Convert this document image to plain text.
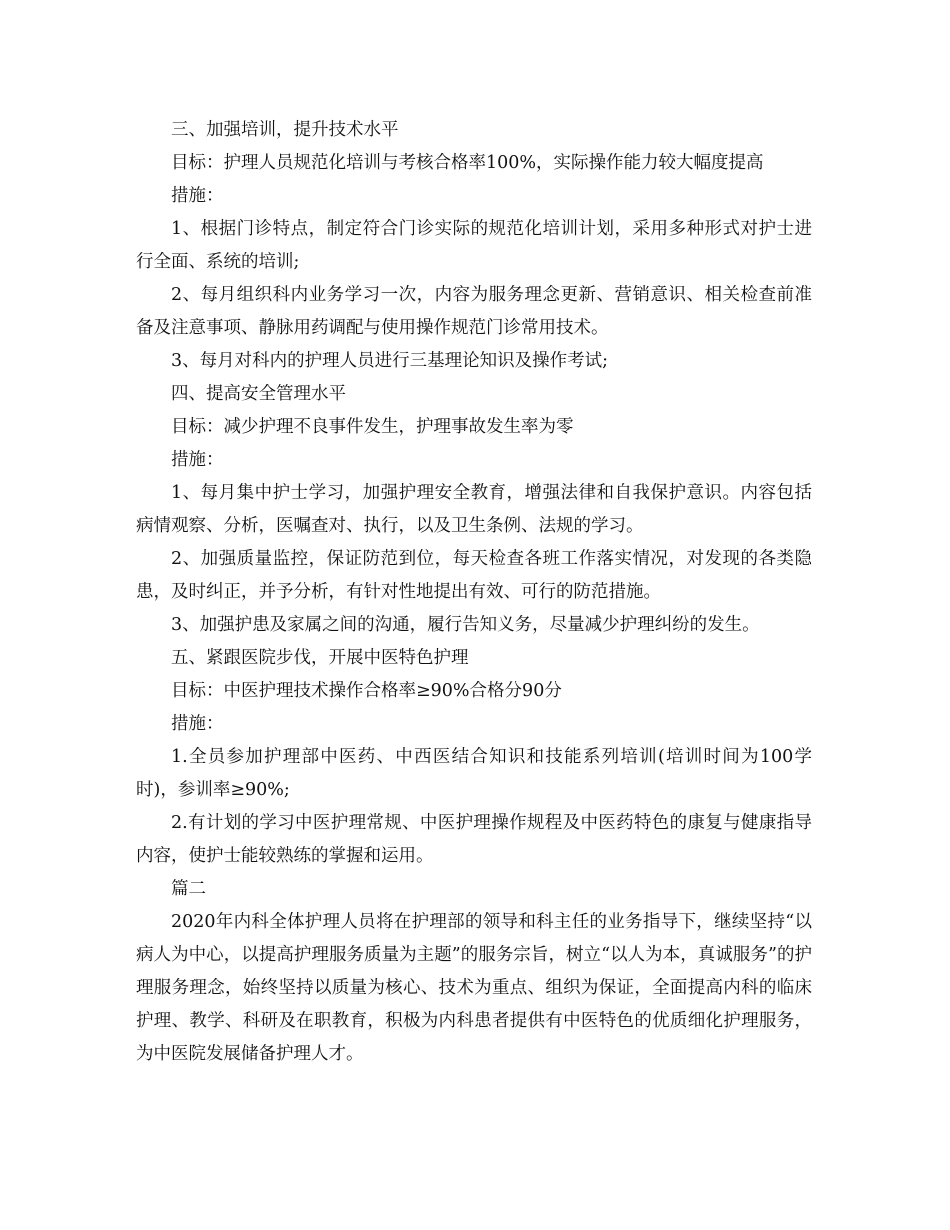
三、加强培训，提升技术水平

目标：护理人员规范化培训与考核合格率100%，实际操作能力较大幅度提高

措施：

1、根据门诊特点，制定符合门诊实际的规范化培训计划，采用多种形式对护士进行全面、系统的培训;

2、每月组织科内业务学习一次，内容为服务理念更新、营销意识、相关检查前准备及注意事项、静脉用药调配与使用操作规范门诊常用技术。

3、每月对科内的护理人员进行三基理论知识及操作考试;

四、提高安全管理水平

目标：减少护理不良事件发生，护理事故发生率为零

措施：

1、每月集中护士学习，加强护理安全教育，增强法律和自我保护意识。内容包括病情观察、分析，医嘱查对、执行，以及卫生条例、法规的学习。

2、加强质量监控，保证防范到位，每天检查各班工作落实情况，对发现的各类隐患，及时纠正，并予分析，有针对性地提出有效、可行的防范措施。

3、加强护患及家属之间的沟通，履行告知义务，尽量减少护理纠纷的发生。

五、紧跟医院步伐，开展中医特色护理

目标：中医护理技术操作合格率≥90%合格分90分

措施：

1.全员参加护理部中医药、中西医结合知识和技能系列培训(培训时间为100学时)，参训率≥90%;

2.有计划的学习中医护理常规、中医护理操作规程及中医药特色的康复与健康指导内容，使护士能较熟练的掌握和运用。

篇二

2020年内科全体护理人员将在护理部的领导和科主任的业务指导下，继续坚持“以病人为中心，以提高护理服务质量为主题”的服务宗旨，树立“以人为本，真诚服务”的护理服务理念，始终坚持以质量为核心、技术为重点、组织为保证，全面提高内科的临床护理、教学、科研及在职教育，积极为内科患者提供有中医特色的优质细化护理服务，为中医院发展储备护理人才。
